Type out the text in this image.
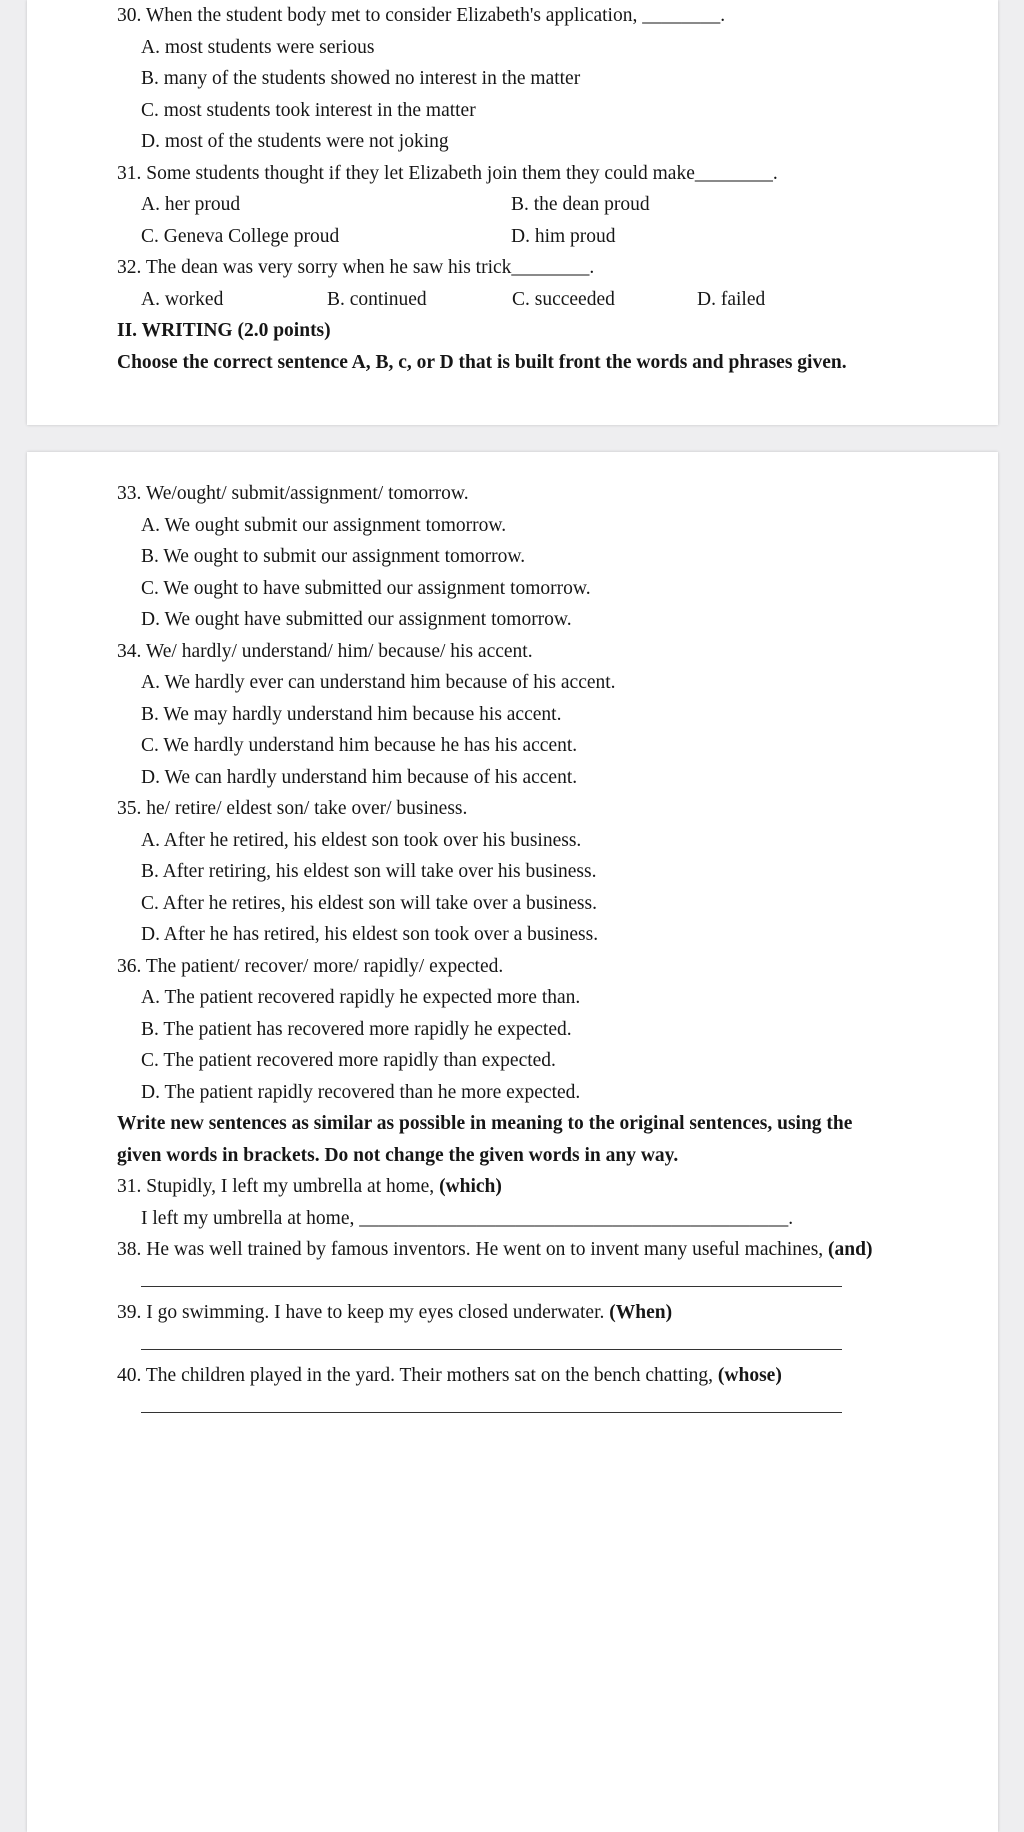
30. When the student body met to consider Elizabeth's application, ________.
A. most students were serious
B. many of the students showed no interest in the matter
C. most students took interest in the matter
D. most of the students were not joking
31. Some students thought if they let Elizabeth join them they could make________.
A. her proud	B. the dean proud
C. Geneva College proud	D. him proud
32. The dean was very sorry when he saw his trick________.
A. worked	B. continued	C. succeeded	D. failed
II. WRITING (2.0 points)
Choose the correct sentence A, B, c, or D that is built front the words and phrases given.
33. We/ought/ submit/assignment/ tomorrow.
A. We ought submit our assignment tomorrow.
B. We ought to submit our assignment tomorrow.
C. We ought to have submitted our assignment tomorrow.
D. We ought have submitted our assignment tomorrow.
34. We/ hardly/ understand/ him/ because/ his accent.
A. We hardly ever can understand him because of his accent.
B. We may hardly understand him because his accent.
C. We hardly understand him because he has his accent.
D. We can hardly understand him because of his accent.
35. he/ retire/ eldest son/ take over/ business.
A. After he retired, his eldest son took over his business.
B. After retiring, his eldest son will take over his business.
C. After he retires, his eldest son will take over a business.
D. After he has retired, his eldest son took over a business.
36. The patient/ recover/ more/ rapidly/ expected.
A. The patient recovered rapidly he expected more than.
B. The patient has recovered more rapidly he expected.
C. The patient recovered more rapidly than expected.
D. The patient rapidly recovered than he more expected.
Write new sentences as similar as possible in meaning to the original sentences, using the
given words in brackets. Do not change the given words in any way.
31. Stupidly, I left my umbrella at home, (which)
I left my umbrella at home, ____________________________________________.
38. He was well trained by famous inventors. He went on to invent many useful machines, (and)
39. I go swimming. I have to keep my eyes closed underwater. (When)
40. The children played in the yard. Their mothers sat on the bench chatting, (whose)
